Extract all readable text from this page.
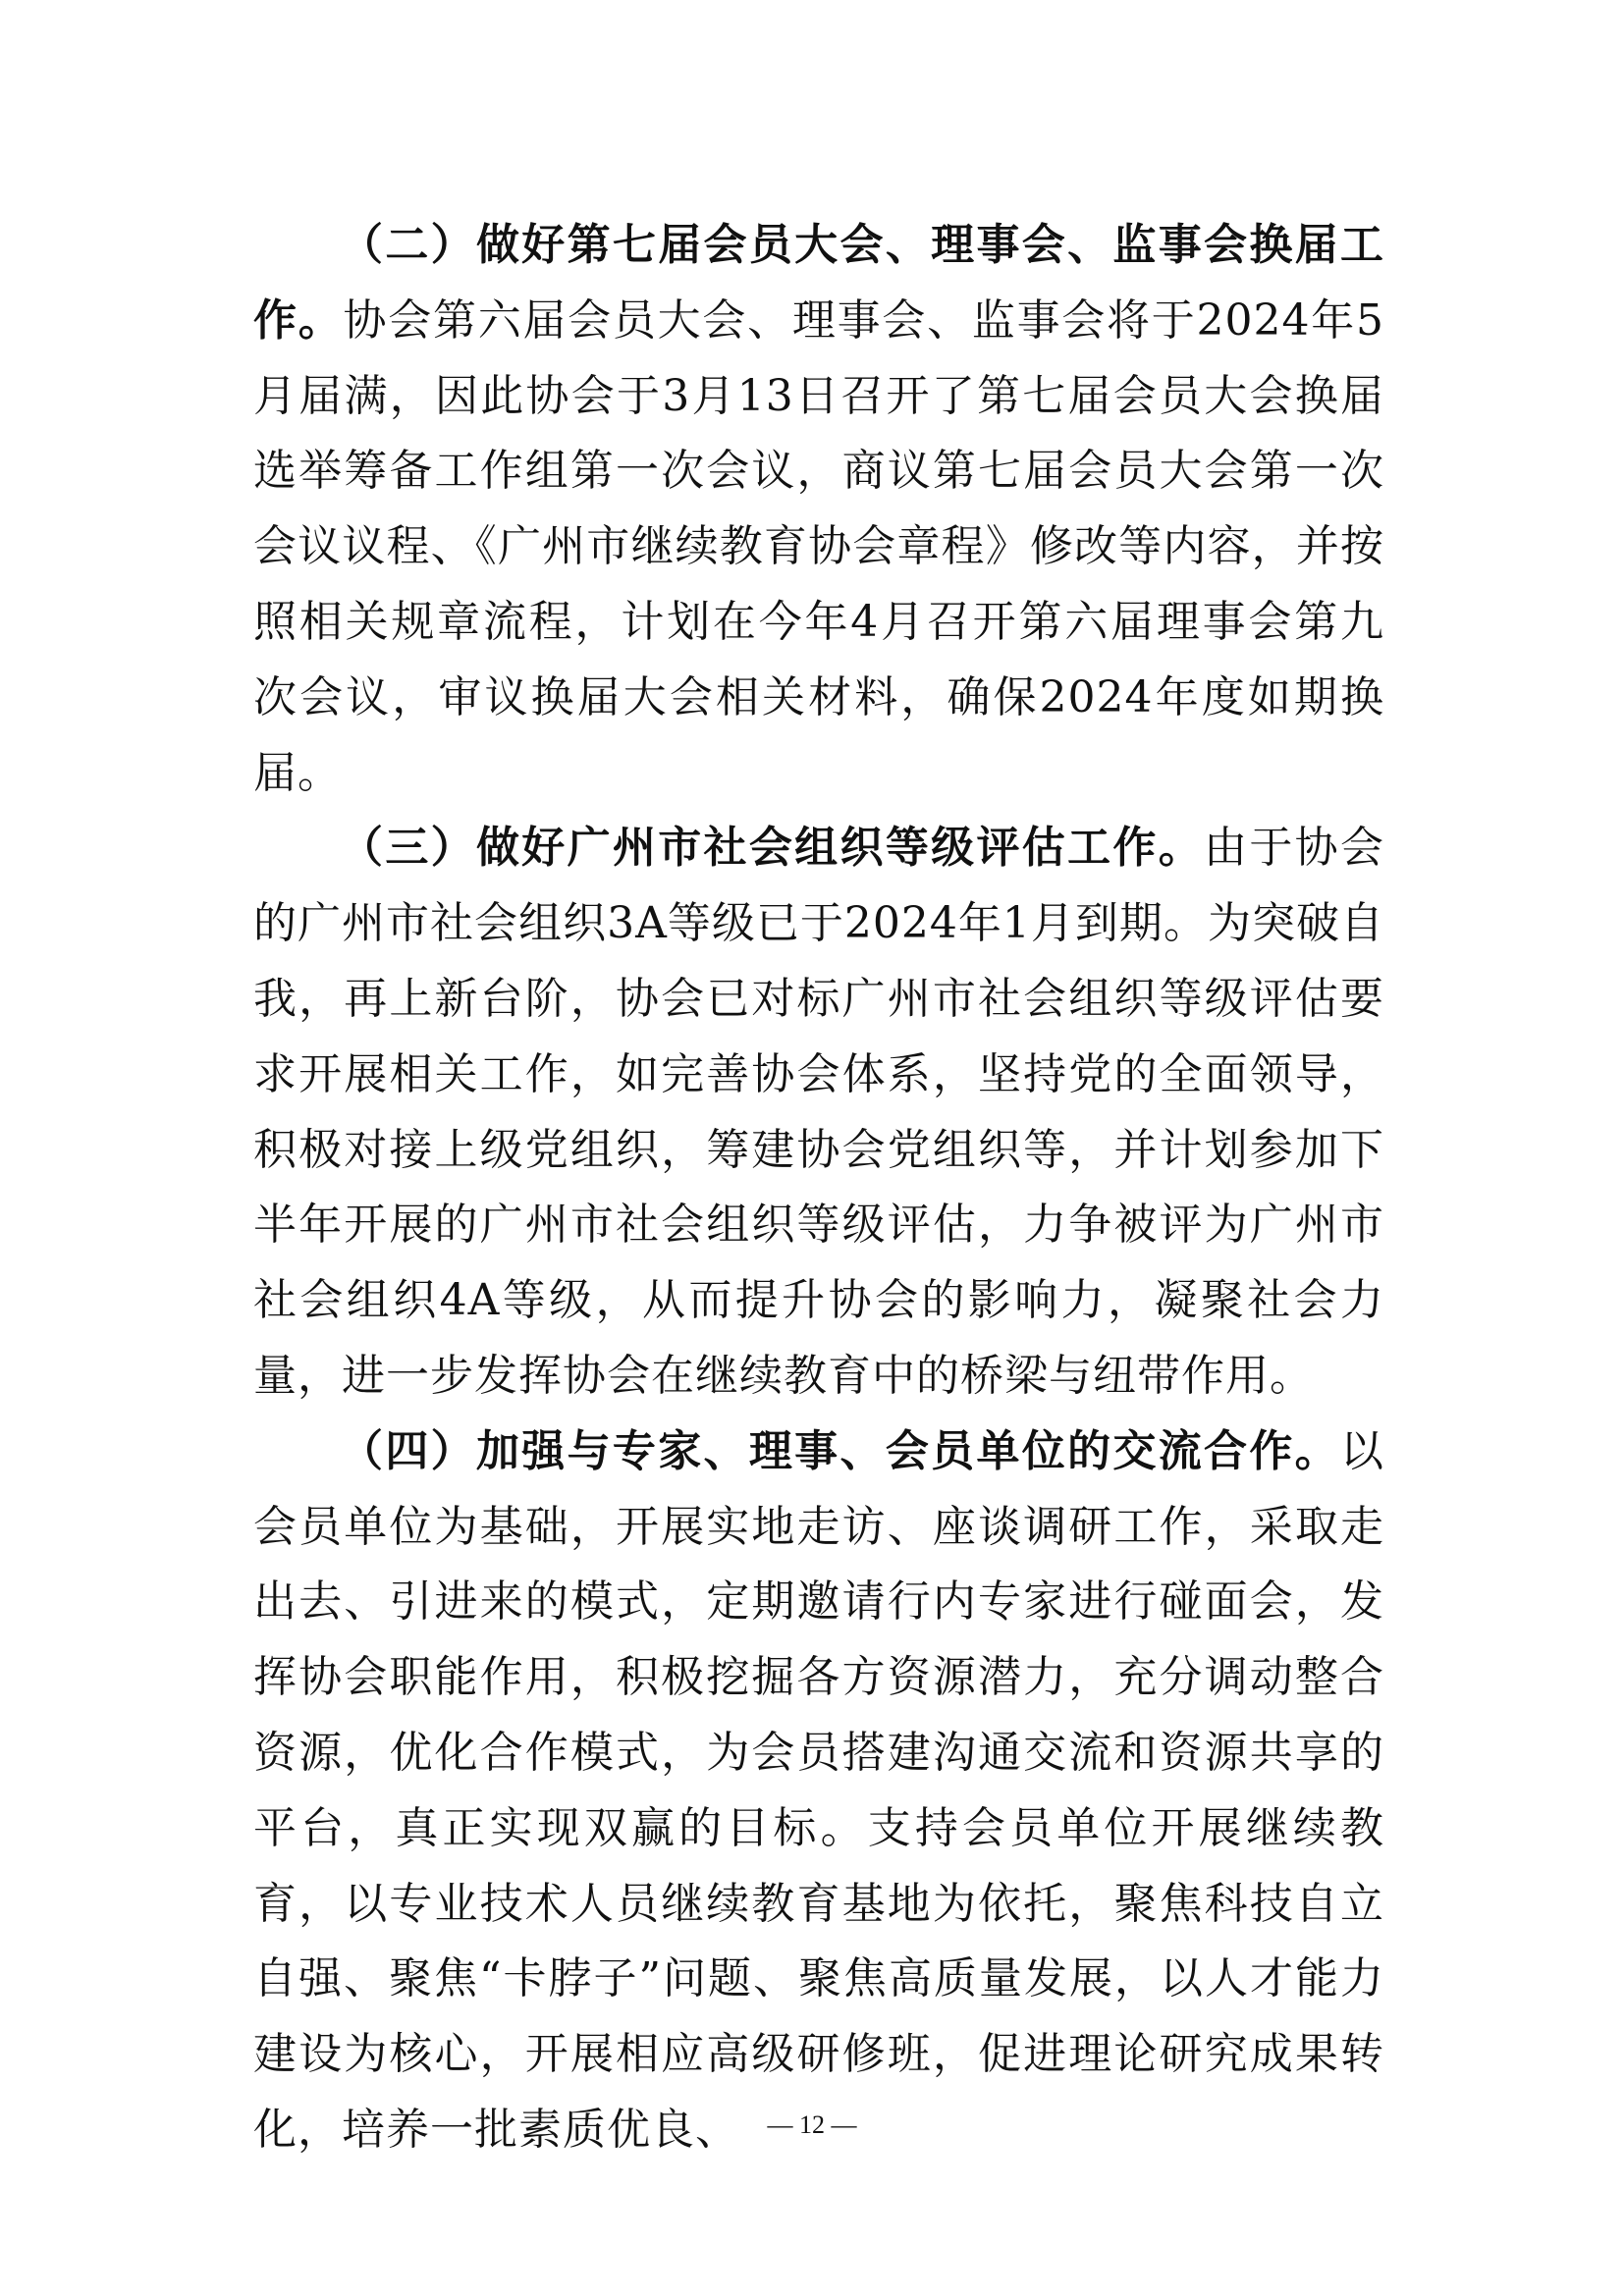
（二）做好第七届会员大会、理事会、监事会换届工作。协会第六届会员大会、理事会、监事会将于2024年5月届满，因此协会于3月13日召开了第七届会员大会换届选举筹备工作组第一次会议，商议第七届会员大会第一次会议议程、《广州市继续教育协会章程》修改等内容，并按照相关规章流程，计划在今年4月召开第六届理事会第九次会议，审议换届大会相关材料，确保2024年度如期换届。

（三）做好广州市社会组织等级评估工作。由于协会的广州市社会组织3A等级已于2024年1月到期。为突破自我，再上新台阶，协会已对标广州市社会组织等级评估要求开展相关工作，如完善协会体系，坚持党的全面领导，积极对接上级党组织，筹建协会党组织等，并计划参加下半年开展的广州市社会组织等级评估，力争被评为广州市社会组织4A等级，从而提升协会的影响力，凝聚社会力量，进一步发挥协会在继续教育中的桥梁与纽带作用。

（四）加强与专家、理事、会员单位的交流合作。以会员单位为基础，开展实地走访、座谈调研工作，采取走出去、引进来的模式，定期邀请行内专家进行碰面会，发挥协会职能作用，积极挖掘各方资源潜力，充分调动整合资源，优化合作模式，为会员搭建沟通交流和资源共享的平台，真正实现双赢的目标。支持会员单位开展继续教育，以专业技术人员继续教育基地为依托，聚焦科技自立自强、聚焦“卡脖子”问题、聚焦高质量发展，以人才能力建设为核心，开展相应高级研修班，促进理论研究成果转化，培养一批素质优良、	— 12 —
